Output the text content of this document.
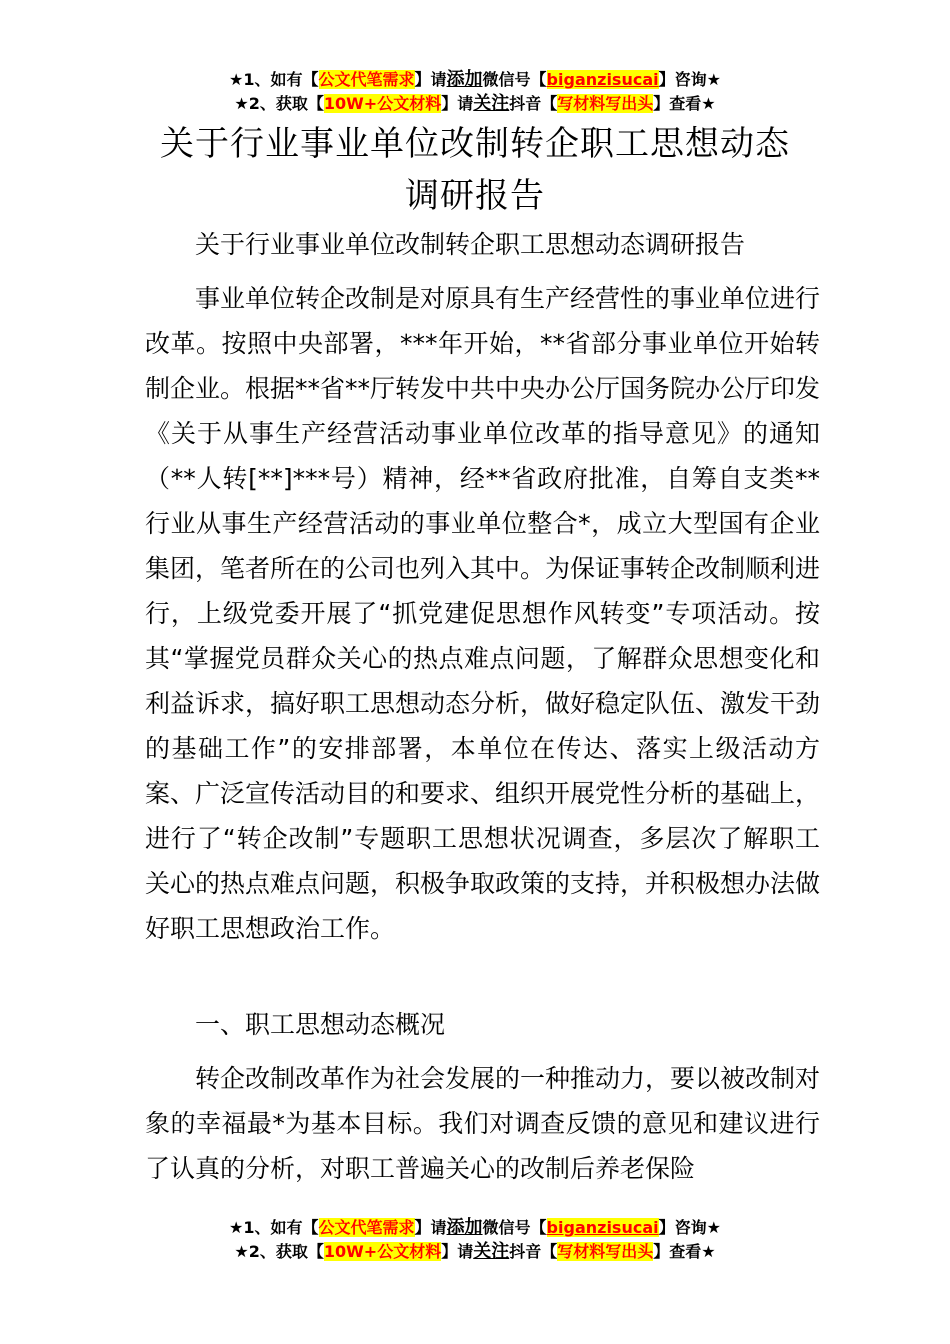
★1、如有【公文代笔需求】请添加微信号【biganzisucai】咨询★
★2、获取【10W+公文材料】请关注抖音【写材料写出头】查看★
关于行业事业单位改制转企职工思想动态调研报告
关于行业事业单位改制转企职工思想动态调研报告
事业单位转企改制是对原具有生产经营性的事业单位进行改革。按照中央部署，***年开始，**省部分事业单位开始转制企业。根据**省**厅转发中共中央办公厅国务院办公厅印发《关于从事生产经营活动事业单位改革的指导意见》的通知（**人转[**]***号）精神，经**省政府批准，自筹自支类**行业从事生产经营活动的事业单位整合*，成立大型国有企业集团，笔者所在的公司也列入其中。为保证事转企改制顺利进行，上级党委开展了“抓党建促思想作风转变”专项活动。按其“掌握党员群众关心的热点难点问题，了解群众思想变化和利益诉求，搞好职工思想动态分析，做好稳定队伍、激发干劲的基础工作”的安排部署，本单位在传达、落实上级活动方案、广泛宣传活动目的和要求、组织开展党性分析的基础上，进行了“转企改制”专题职工思想状况调查，多层次了解职工关心的热点难点问题，积极争取政策的支持，并积极想办法做好职工思想政治工作。
一、职工思想动态概况
转企改制改革作为社会发展的一种推动力，要以被改制对象的幸福最*为基本目标。我们对调查反馈的意见和建议进行了认真的分析，对职工普遍关心的改制后养老保险
★1、如有【公文代笔需求】请添加微信号【biganzisucai】咨询★
★2、获取【10W+公文材料】请关注抖音【写材料写出头】查看★
